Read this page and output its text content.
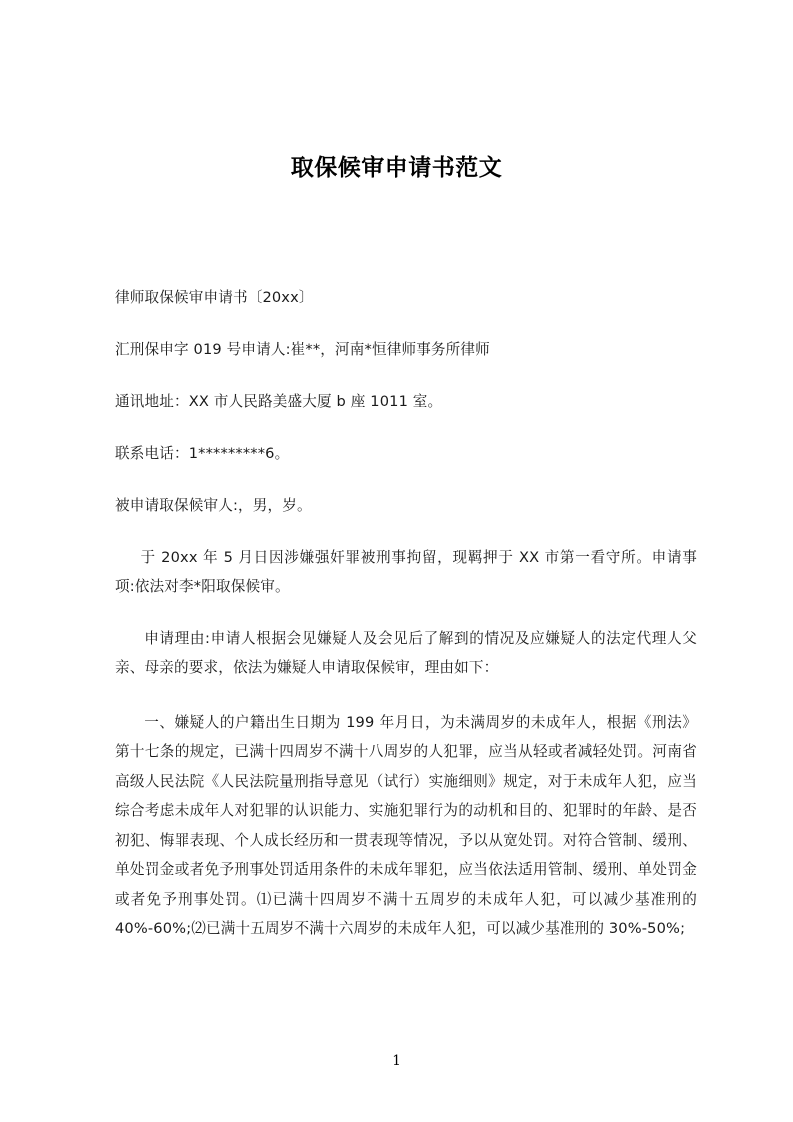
取保候审申请书范文

律师取保候审申请书〔20xx〕

汇刑保申字 019 号申请人:崔**，河南*恒律师事务所律师

通讯地址：XX 市人民路美盛大厦 b 座 1011 室。

联系电话：1*********6。

被申请取保候审人:，男，岁。

于 20xx 年 5 月日因涉嫌强奸罪被刑事拘留，现羁押于 XX 市第一看守所。申请事项:依法对李*阳取保候审。

申请理由:申请人根据会见嫌疑人及会见后了解到的情况及应嫌疑人的法定代理人父亲、母亲的要求，依法为嫌疑人申请取保候审，理由如下：

一、嫌疑人的户籍出生日期为 199 年月日，为未满周岁的未成年人，根据《刑法》第十七条的规定，已满十四周岁不满十八周岁的人犯罪，应当从轻或者减轻处罚。河南省高级人民法院《人民法院量刑指导意见（试行）实施细则》规定，对于未成年人犯，应当综合考虑未成年人对犯罪的认识能力、实施犯罪行为的动机和目的、犯罪时的年龄、是否初犯、悔罪表现、个人成长经历和一贯表现等情况，予以从宽处罚。对符合管制、缓刑、单处罚金或者免予刑事处罚适用条件的未成年罪犯，应当依法适用管制、缓刑、单处罚金或者免予刑事处罚。⑴已满十四周岁不满十五周岁的未成年人犯，可以减少基准刑的 40%-60%;⑵已满十五周岁不满十六周岁的未成年人犯，可以减少基准刑的 30%-50%;

1
